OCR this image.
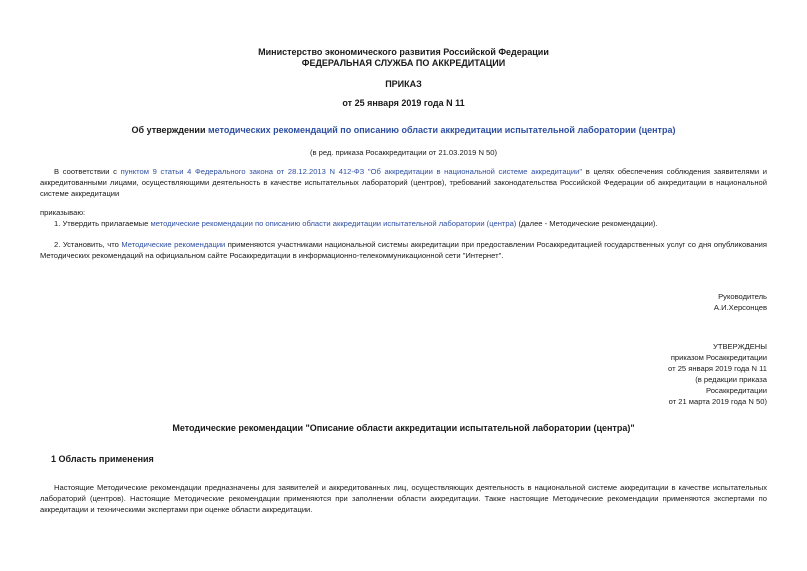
Министерство экономического развития Российской Федерации
ФЕДЕРАЛЬНАЯ СЛУЖБА ПО АККРЕДИТАЦИИ
ПРИКАЗ
от 25 января 2019 года N 11
Об утверждении методических рекомендаций по описанию области аккредитации испытательной лаборатории (центра)
(в ред. приказа Росаккредитации от 21.03.2019 N 50)
В соответствии с пунктом 9 статьи 4 Федерального закона от 28.12.2013 N 412-ФЗ "Об аккредитации в национальной системе аккредитации" в целях обеспечения соблюдения заявителями и аккредитованными лицами, осуществляющими деятельность в качестве испытательных лабораторий (центров), требований законодательства Российской Федерации об аккредитации в национальной системе аккредитации
приказываю:
1. Утвердить прилагаемые методические рекомендации по описанию области аккредитации испытательной лаборатории (центра) (далее - Методические рекомендации).
2. Установить, что Методические рекомендации применяются участниками национальной системы аккредитации при предоставлении Росаккредитацией государственных услуг со дня опубликования Методических рекомендаций на официальном сайте Росаккредитации в информационно-телекоммуникационной сети "Интернет".
Руководитель
А.И.Херсонцев
УТВЕРЖДЕНЫ
приказом Росаккредитации
от 25 января 2019 года N 11
(в редакции приказа
Росаккредитации
от 21 марта 2019 года N 50)
Методические рекомендации "Описание области аккредитации испытательной лаборатории (центра)"
1 Область применения
Настоящие Методические рекомендации предназначены для заявителей и аккредитованных лиц, осуществляющих деятельность в национальной системе аккредитации в качестве испытательных лабораторий (центров). Настоящие Методические рекомендации применяются при заполнении области аккредитации. Также настоящие Методические рекомендации применяются экспертами по аккредитации и техническими экспертами при оценке области аккредитации.
